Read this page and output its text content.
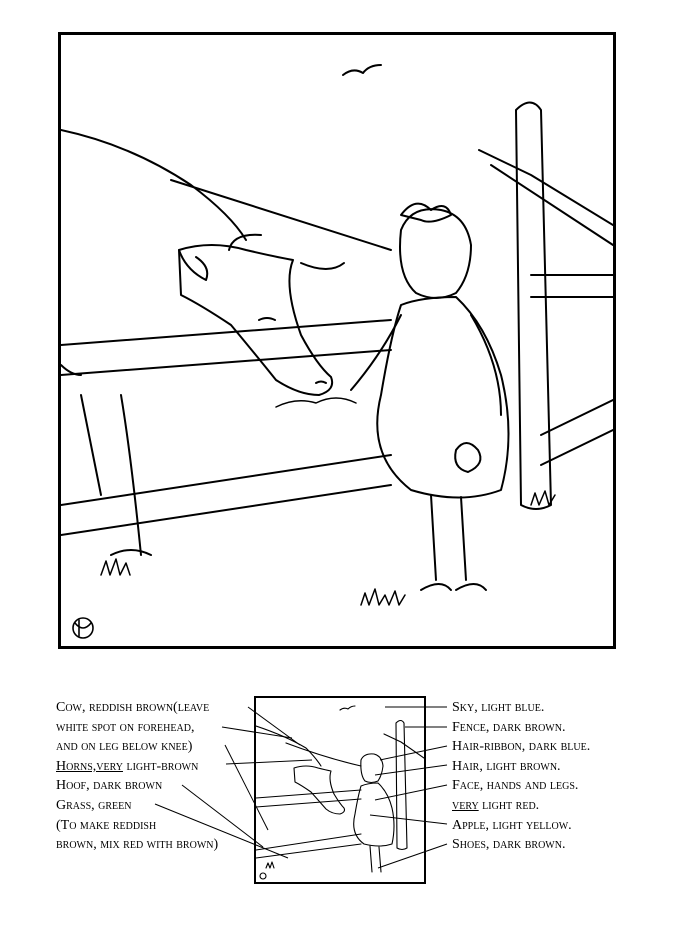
Cow, reddish brown(leave
white spot on forehead,
and on leg below knee)
Horns,very light-brown
Hoof, dark brown
Grass, green
(To make reddish
brown, mix red with brown)
Sky, light blue.
Fence, dark brown.
Hair-ribbon, dark blue.
Hair, light brown.
Face, hands and legs.
very light red.
Apple, light yellow.
Shoes, dark brown.
